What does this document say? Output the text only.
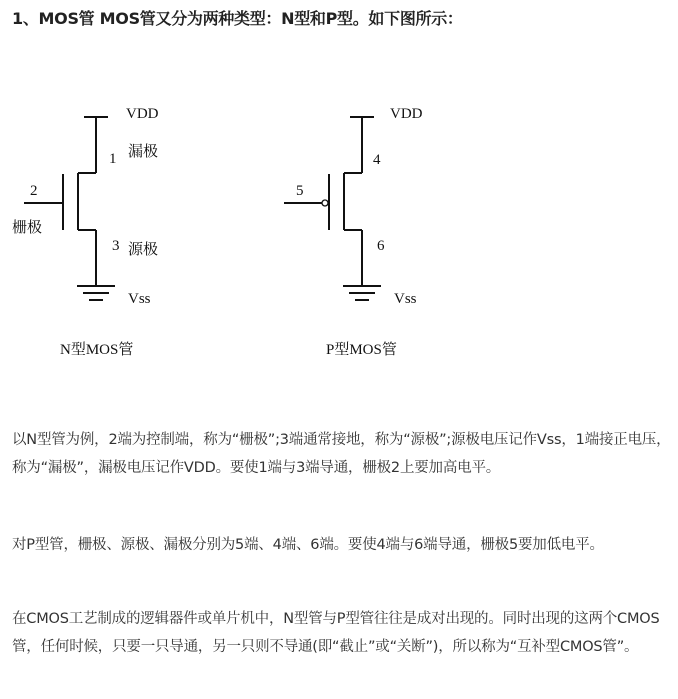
1、MOS管 MOS管又分为两种类型：N型和P型。如下图所示：
VDD
1 漏极
2
栅极
3 源极
Vss
N型MOS管
VDD
4
5
6
Vss
P型MOS管
以N型管为例，2端为控制端，称为“栅极”;3端通常接地，称为“源极”;源极电压记作Vss，1端接正电压，称为“漏极”，漏极电压记作VDD。要使1端与3端导通，栅极2上要加高电平。
对P型管，栅极、源极、漏极分别为5端、4端、6端。要使4端与6端导通，栅极5要加低电平。
在CMOS工艺制成的逻辑器件或单片机中，N型管与P型管往往是成对出现的。同时出现的这两个CMOS管，任何时候，只要一只导通，另一只则不导通(即“截止”或“关断”)，所以称为“互补型CMOS管”。
